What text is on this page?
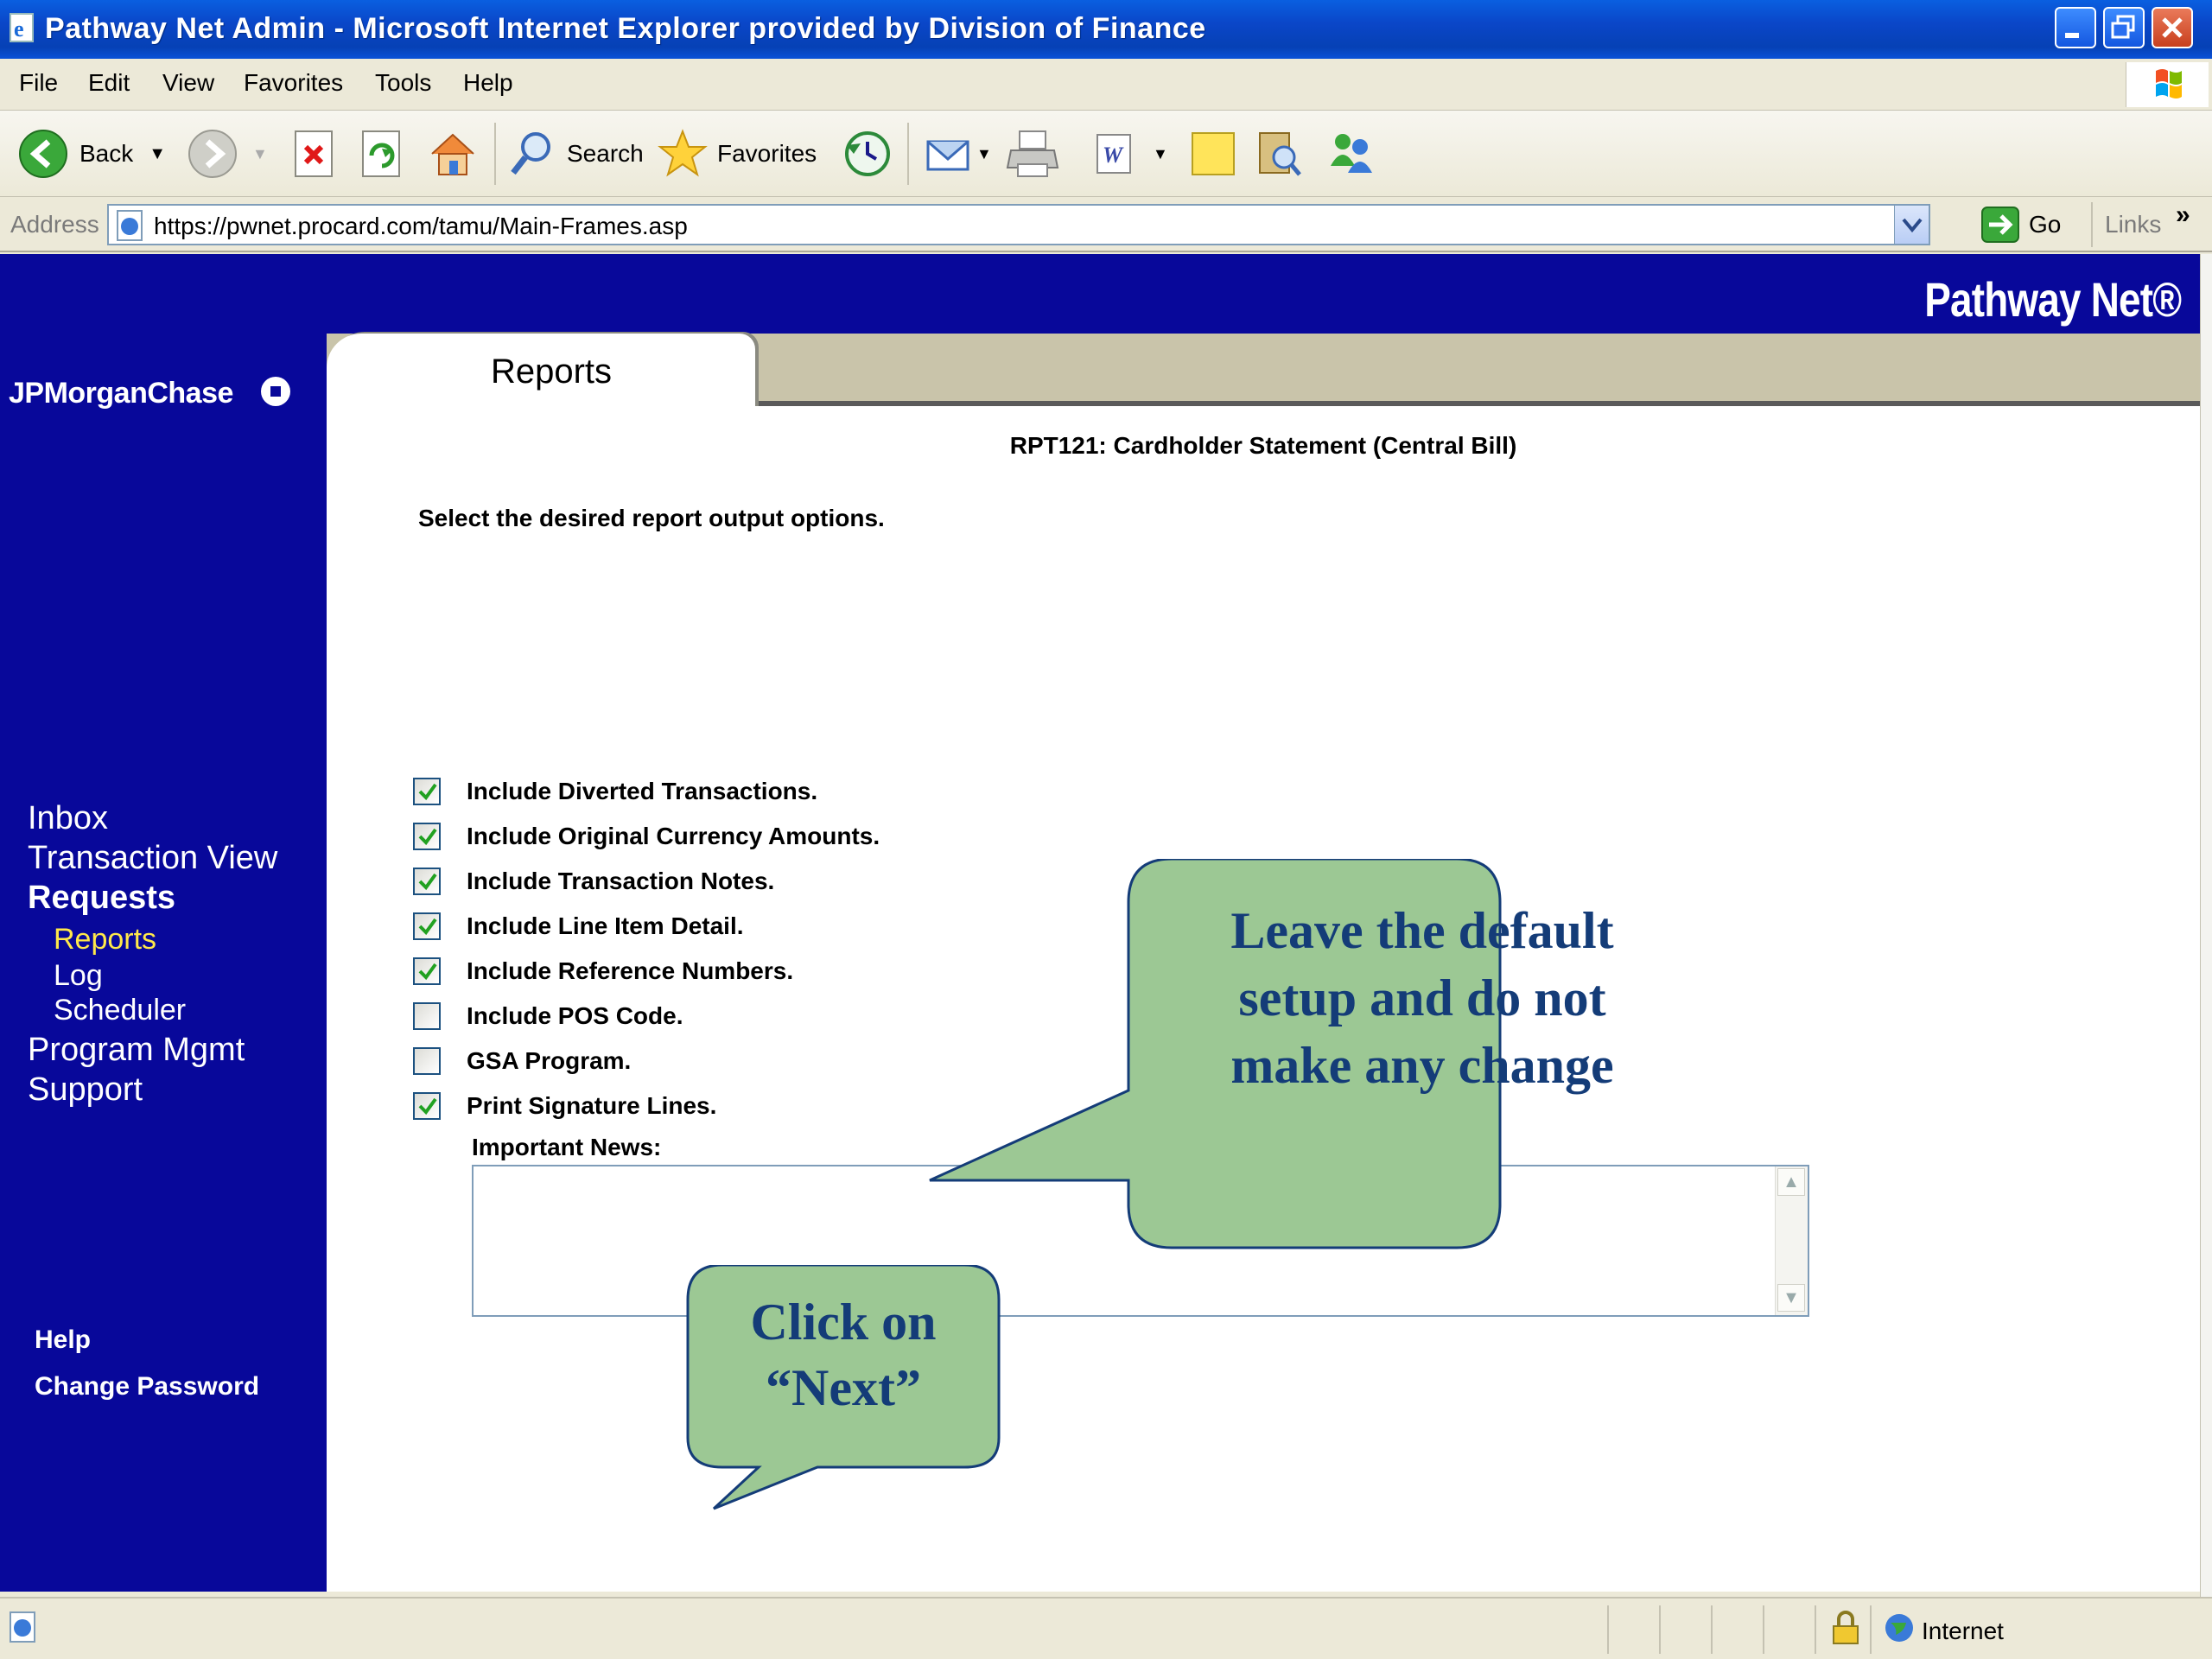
e Pathway Net Admin - Microsoft Internet Explorer provided by Division of Finance
File Edit View Favorites Tools Help
Back ▼	▼	Search	Favorites	▼	W ▼
Address https://pwnet.procard.com/tamu/Main-Frames.asp	Go Links »
Pathway Net®
JPMorganChase
Inbox
Transaction View
Requests
Reports
Log
Scheduler
Program Mgmt
Support
Help
Change Password
Reports
RPT121: Cardholder Statement (Central Bill)
Select the desired report output options.
Include Diverted Transactions.
Include Original Currency Amounts.
Include Transaction Notes.
Include Line Item Detail.
Include Reference Numbers.
Include POS Code.
GSA Program.
Print Signature Lines.
Important News:
▲
▼
Leave the default
setup and do not
make any change
Click on
“Next”
Internet
